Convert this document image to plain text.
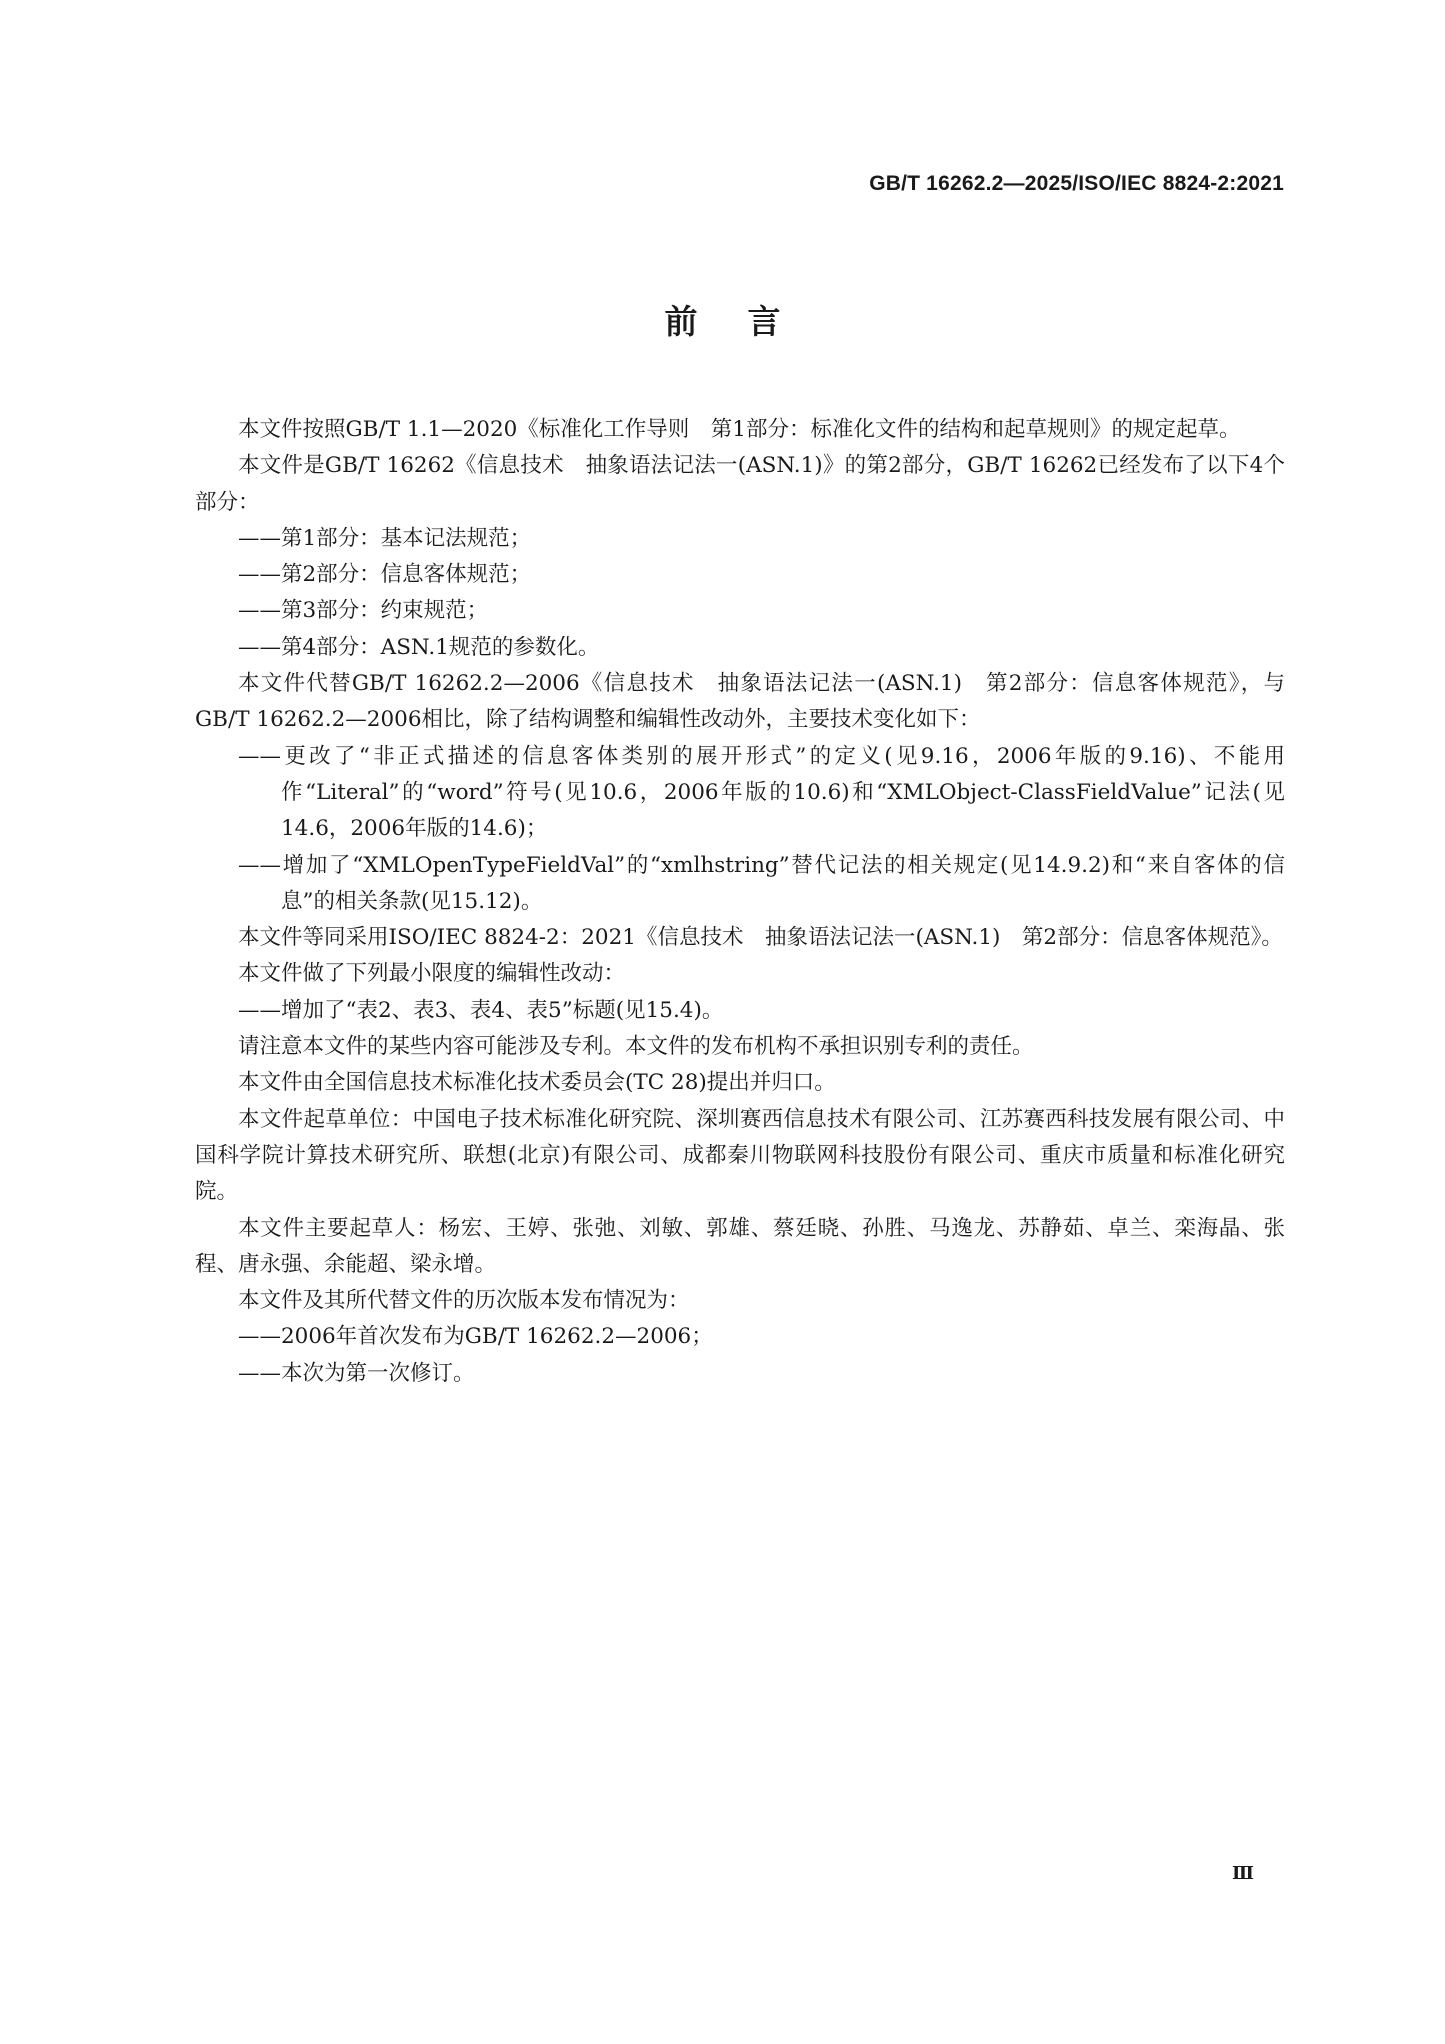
GB/T 16262.2—2025/ISO/IEC 8824-2:2021
前言

本文件按照GB/T 1.1—2020《标准化工作导则　第1部分：标准化文件的结构和起草规则》的规定起草。

本文件是GB/T 16262《信息技术　抽象语法记法一(ASN.1)》的第2部分，GB/T 16262已经发布了以下4个部分：

——第1部分：基本记法规范；

——第2部分：信息客体规范；

——第3部分：约束规范；

——第4部分：ASN.1规范的参数化。

本文件代替GB/T 16262.2—2006《信息技术　抽象语法记法一(ASN.1)　第2部分：信息客体规范》，与GB/T 16262.2—2006相比，除了结构调整和编辑性改动外，主要技术变化如下：

——更改了“非正式描述的信息客体类别的展开形式”的定义(见9.16，2006年版的9.16)、不能用作“Literal”的“word”符号(见10.6，2006年版的10.6)和“XMLObject-ClassFieldValue”记法(见14.6，2006年版的14.6)；

——增加了“XMLOpenTypeFieldVal”的“xmlhstring”替代记法的相关规定(见14.9.2)和“来自客体的信息”的相关条款(见15.12)。

本文件等同采用ISO/IEC 8824-2：2021《信息技术　抽象语法记法一(ASN.1)　第2部分：信息客体规范》。

本文件做了下列最小限度的编辑性改动：

——增加了“表2、表3、表4、表5”标题(见15.4)。

请注意本文件的某些内容可能涉及专利。本文件的发布机构不承担识别专利的责任。

本文件由全国信息技术标准化技术委员会(TC 28)提出并归口。

本文件起草单位：中国电子技术标准化研究院、深圳赛西信息技术有限公司、江苏赛西科技发展有限公司、中国科学院计算技术研究所、联想(北京)有限公司、成都秦川物联网科技股份有限公司、重庆市质量和标准化研究院。

本文件主要起草人：杨宏、王婷、张弛、刘敏、郭雄、蔡廷晓、孙胜、马逸龙、苏静茹、卓兰、栾海晶、张程、唐永强、余能超、梁永增。

本文件及其所代替文件的历次版本发布情况为：

——2006年首次发布为GB/T 16262.2—2006；

——本次为第一次修订。

Ⅲ
